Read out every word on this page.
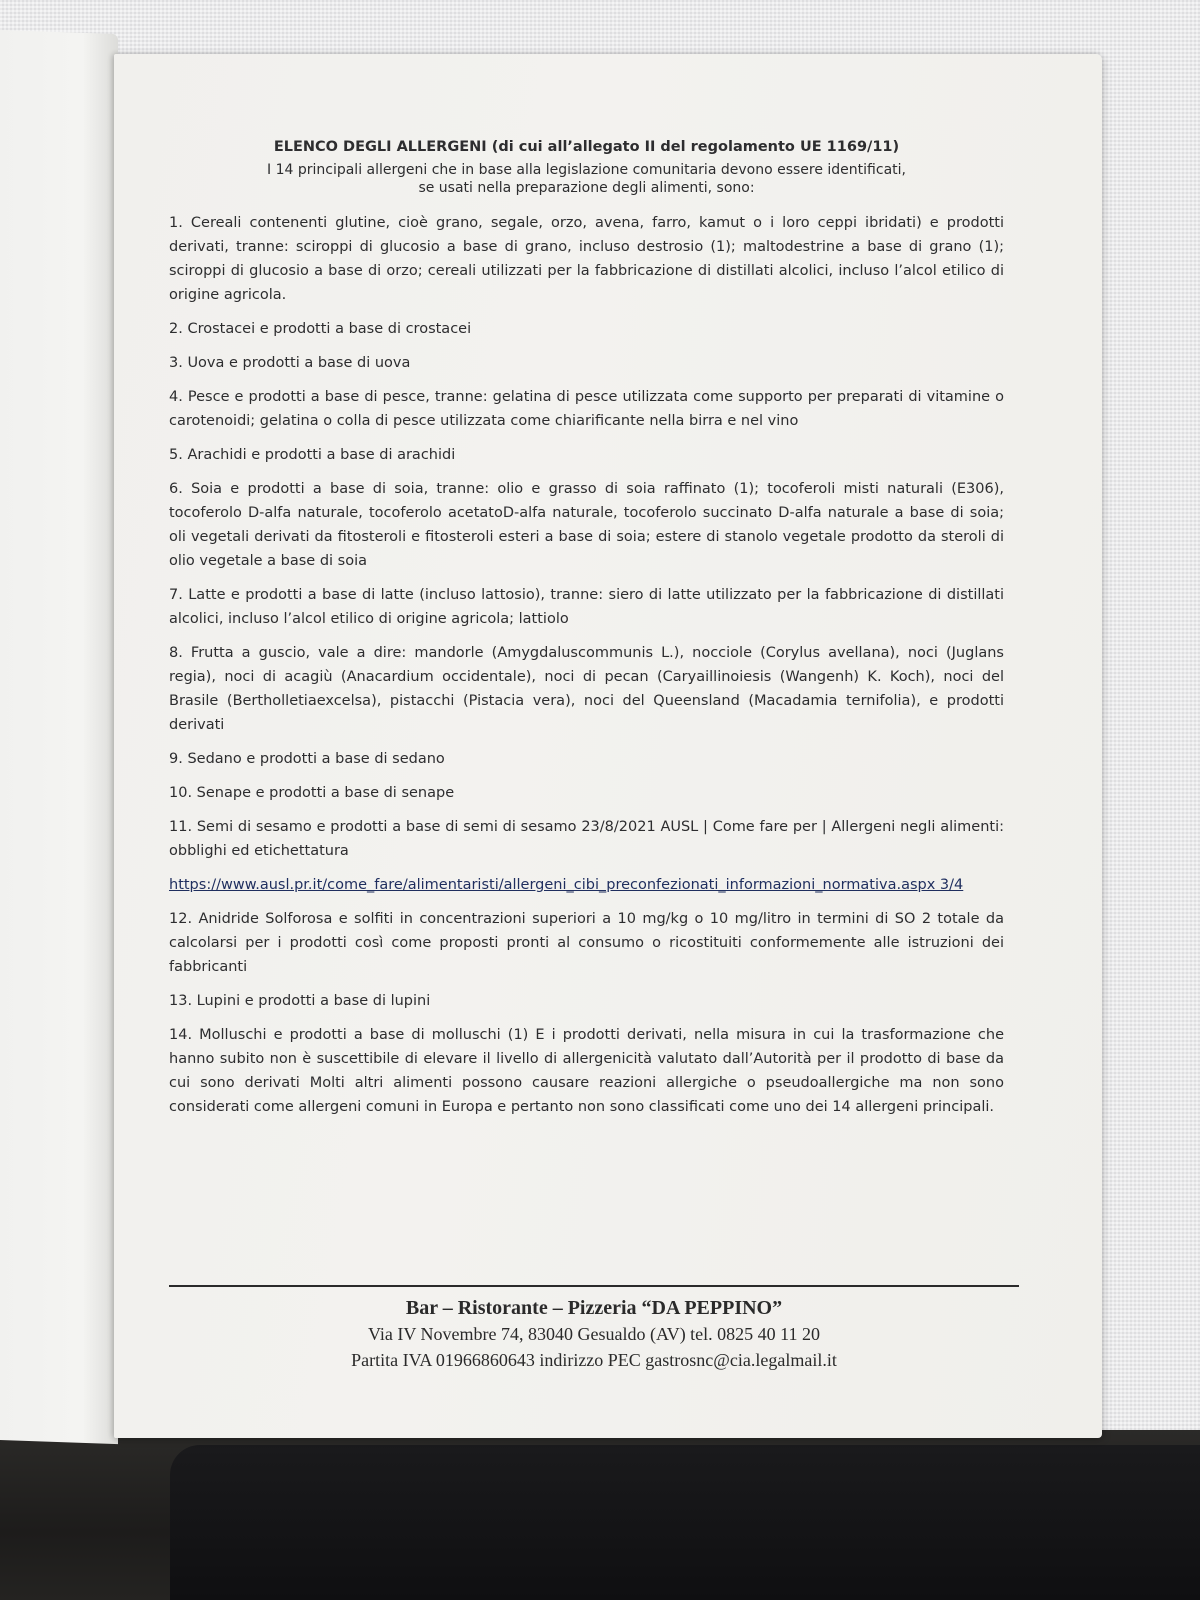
ELENCO DEGLI ALLERGENI (di cui all’allegato II del regolamento UE 1169/11)

I 14 principali allergeni che in base alla legislazione comunitaria devono essere identificati,
se usati nella preparazione degli alimenti, sono:

1. Cereali contenenti glutine, cioè grano, segale, orzo, avena, farro, kamut o i loro ceppi ibridati) e prodotti derivati, tranne: sciroppi di glucosio a base di grano, incluso destrosio (1); maltodestrine a base di grano (1); sciroppi di glucosio a base di orzo; cereali utilizzati per la fabbricazione di distillati alcolici, incluso l’alcol etilico di origine agricola.

2. Crostacei e prodotti a base di crostacei

3. Uova e prodotti a base di uova

4. Pesce e prodotti a base di pesce, tranne: gelatina di pesce utilizzata come supporto per preparati di vitamine o carotenoidi; gelatina o colla di pesce utilizzata come chiarificante nella birra e nel vino

5. Arachidi e prodotti a base di arachidi

6. Soia e prodotti a base di soia, tranne: olio e grasso di soia raffinato (1); tocoferoli misti naturali (E306), tocoferolo D-alfa naturale, tocoferolo acetatoD-alfa naturale, tocoferolo succinato D-alfa naturale a base di soia; oli vegetali derivati da fitosteroli e fitosteroli esteri a base di soia; estere di stanolo vegetale prodotto da steroli di olio vegetale a base di soia

7. Latte e prodotti a base di latte (incluso lattosio), tranne: siero di latte utilizzato per la fabbricazione di distillati alcolici, incluso l’alcol etilico di origine agricola; lattiolo

8. Frutta a guscio, vale a dire: mandorle (Amygdaluscommunis L.), nocciole (Corylus avellana), noci (Juglans regia), noci di acagiù (Anacardium occidentale), noci di pecan (Caryaillinoiesis (Wangenh) K. Koch), noci del Brasile (Bertholletiaexcelsa), pistacchi (Pistacia vera), noci del Queensland (Macadamia ternifolia), e prodotti derivati

9. Sedano e prodotti a base di sedano

10. Senape e prodotti a base di senape

11. Semi di sesamo e prodotti a base di semi di sesamo 23/8/2021 AUSL | Come fare per | Allergeni negli alimenti: obblighi ed etichettatura

https://www.ausl.pr.it/come_fare/alimentaristi/allergeni_cibi_preconfezionati_informazioni_normativa.aspx 3/4

12. Anidride Solforosa e solfiti in concentrazioni superiori a 10 mg/kg o 10 mg/litro in termini di SO 2 totale da calcolarsi per i prodotti così come proposti pronti al consumo o ricostituiti conformemente alle istruzioni dei fabbricanti

13. Lupini e prodotti a base di lupini

14. Molluschi e prodotti a base di molluschi (1) E i prodotti derivati, nella misura in cui la trasformazione che hanno subito non è suscettibile di elevare il livello di allergenicità valutato dall’Autorità per il prodotto di base da cui sono derivati Molti altri alimenti possono causare reazioni allergiche o pseudoallergiche ma non sono considerati come allergeni comuni in Europa e pertanto non sono classificati come uno dei 14 allergeni principali.

Bar – Ristorante – Pizzeria “DA PEPPINO”
Via IV Novembre 74, 83040 Gesualdo (AV) tel. 0825 40 11 20
Partita IVA 01966860643 indirizzo PEC gastrosnc@cia.legalmail.it
